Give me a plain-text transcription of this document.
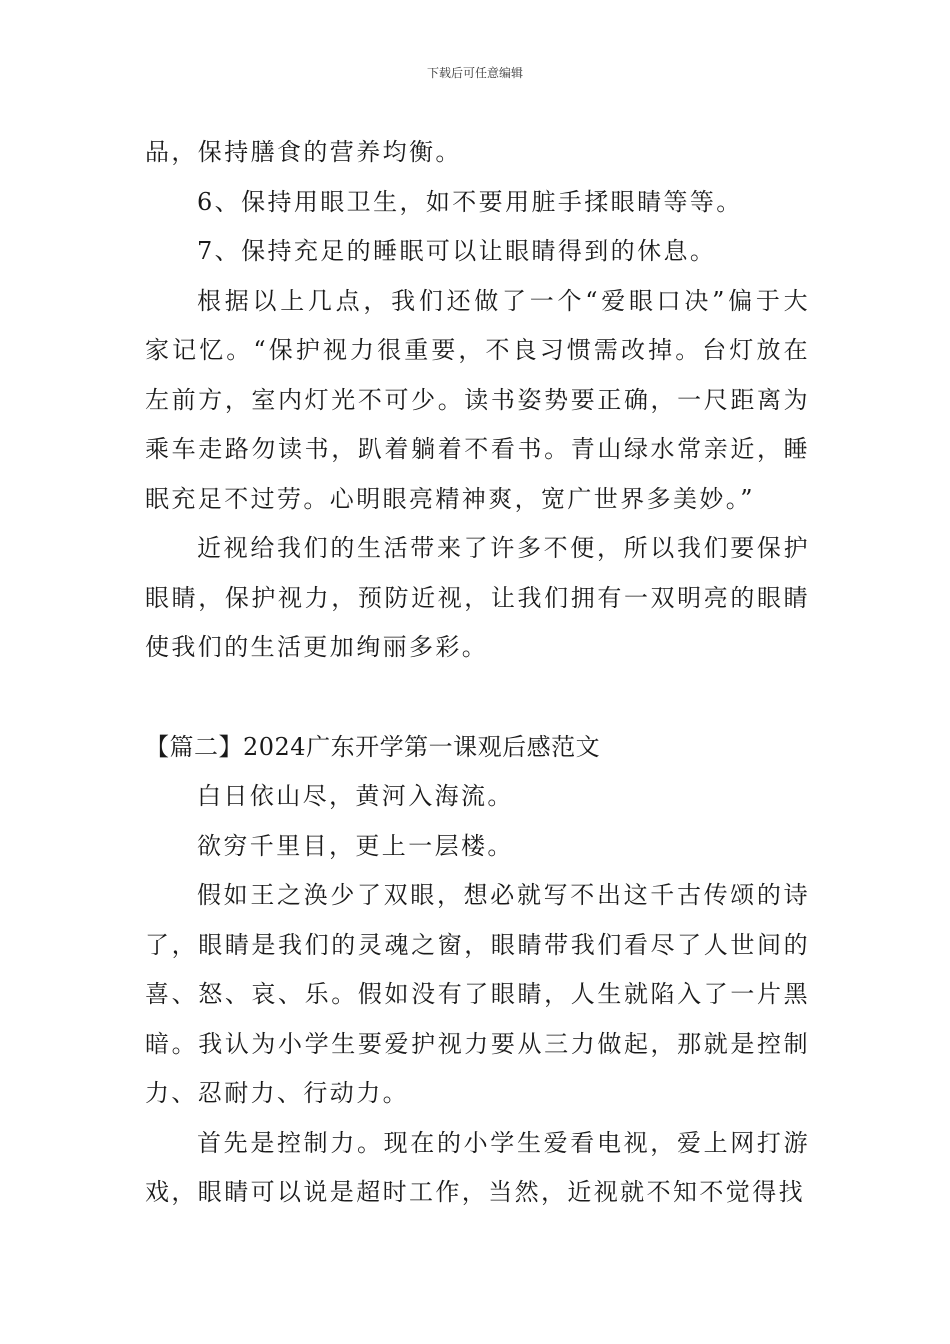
下载后可任意编辑
品，保持膳食的营养均衡。
6、保持用眼卫生，如不要用脏手揉眼睛等等。
7、保持充足的睡眠可以让眼睛得到的休息。
根据以上几点，我们还做了一个“爱眼口决”偏于大
家记忆。“保护视力很重要，不良习惯需改掉。台灯放在
左前方，室内灯光不可少。读书姿势要正确，一尺距离为
乘车走路勿读书，趴着躺着不看书。青山绿水常亲近，睡
眠充足不过劳。心明眼亮精神爽，宽广世界多美妙。”
近视给我们的生活带来了许多不便，所以我们要保护
眼睛，保护视力，预防近视，让我们拥有一双明亮的眼睛
使我们的生活更加绚丽多彩。
【篇二】2024广东开学第一课观后感范文
白日依山尽，黄河入海流。
欲穷千里目，更上一层楼。
假如王之涣少了双眼，想必就写不出这千古传颂的诗
了，眼睛是我们的灵魂之窗，眼睛带我们看尽了人世间的
喜、怒、哀、乐。假如没有了眼睛，人生就陷入了一片黑
暗。我认为小学生要爱护视力要从三力做起，那就是控制
力、忍耐力、行动力。
首先是控制力。现在的小学生爱看电视，爱上网打游
戏，眼睛可以说是超时工作，当然，近视就不知不觉得找
